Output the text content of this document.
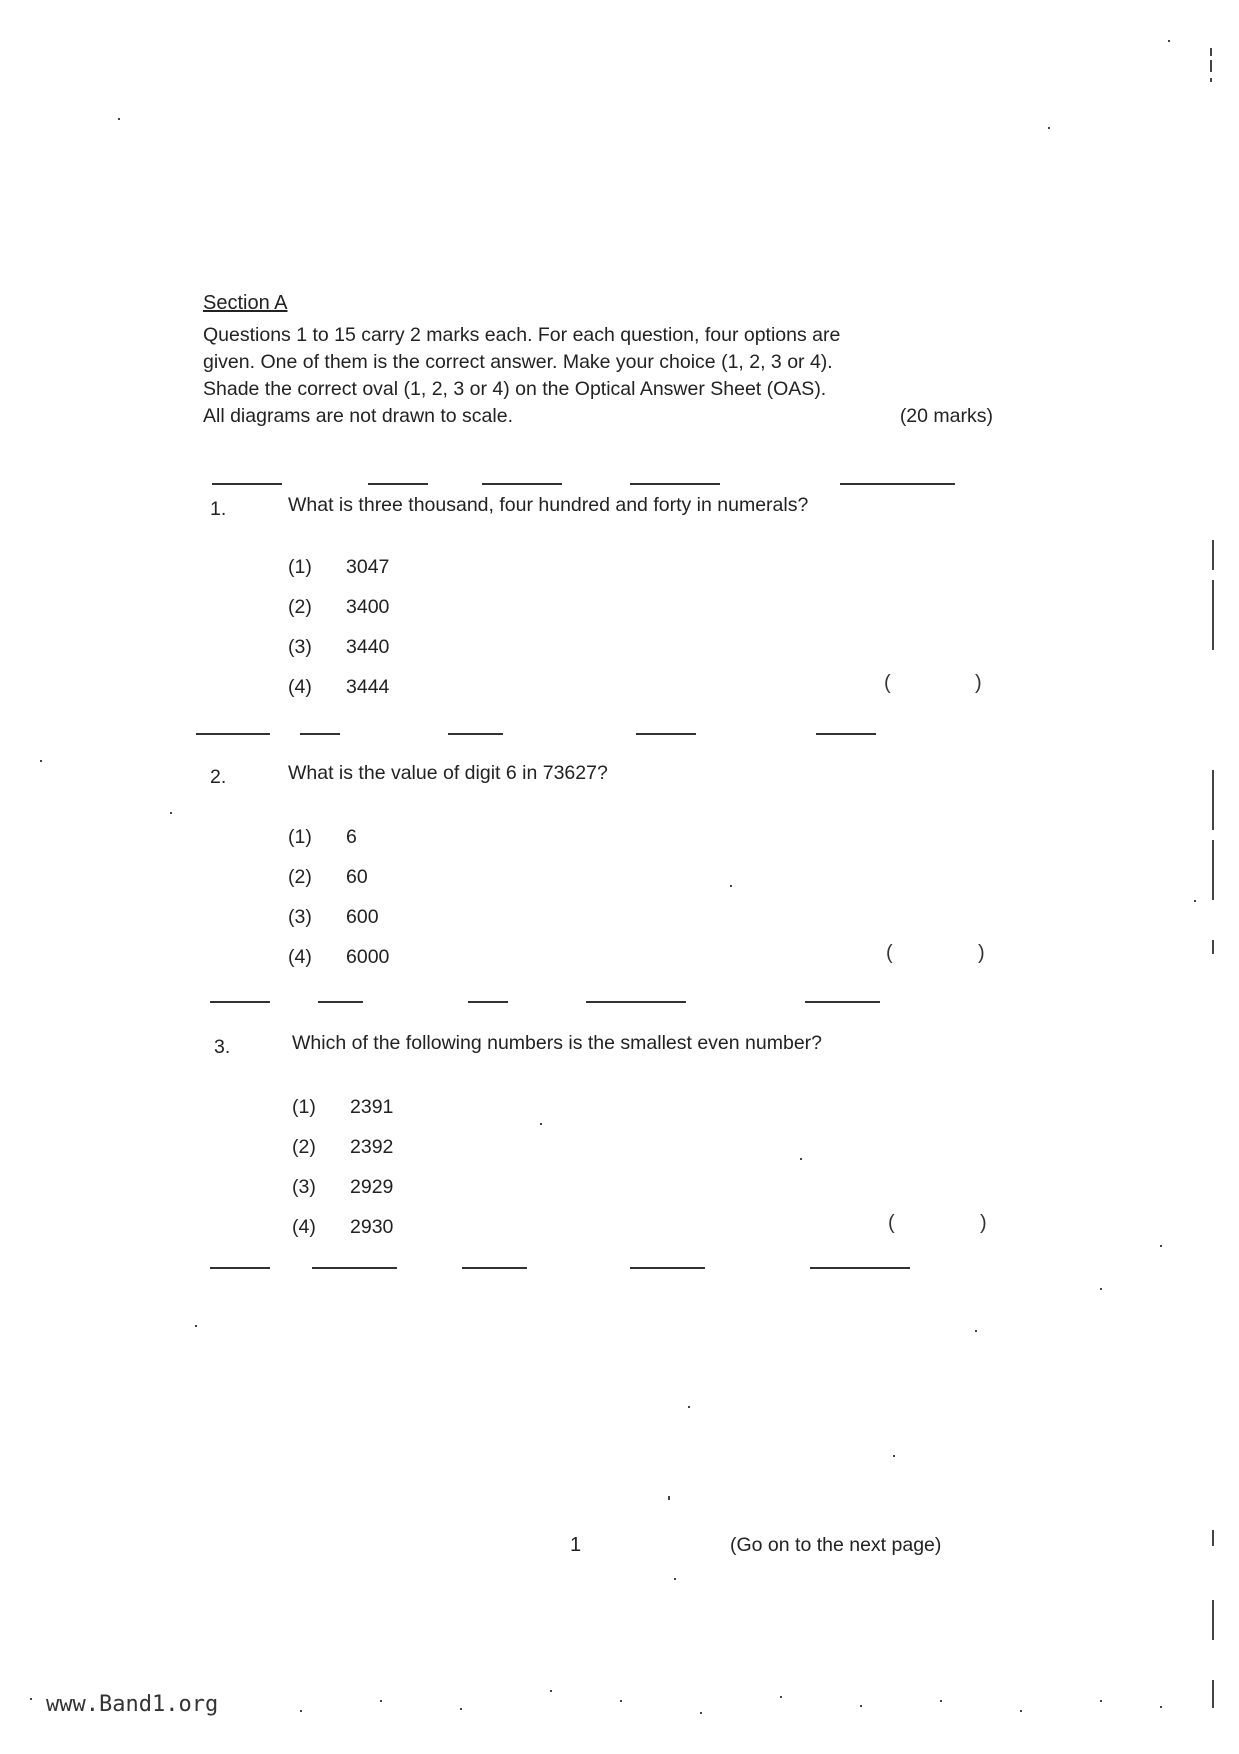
Section A
Questions 1 to 15 carry 2 marks each. For each question, four options are
given. One of them is the correct answer. Make your choice (1, 2, 3 or 4).
Shade the correct oval (1, 2, 3 or 4) on the Optical Answer Sheet (OAS).
All diagrams are not drawn to scale.	(20 marks)
1.	What is three thousand, four hundred and forty in numerals?
(1) 3047
(2) 3400
(3) 3440
(4) 3444	(	)
2.	What is the value of digit 6 in 73627?
(1) 6
(2) 60
(3) 600
(4) 6000	(	)
3.	Which of the following numbers is the smallest even number?
(1) 2391
(2) 2392
(3) 2929
(4) 2930	(	)
1	(Go on to the next page)
www.Band1.org
